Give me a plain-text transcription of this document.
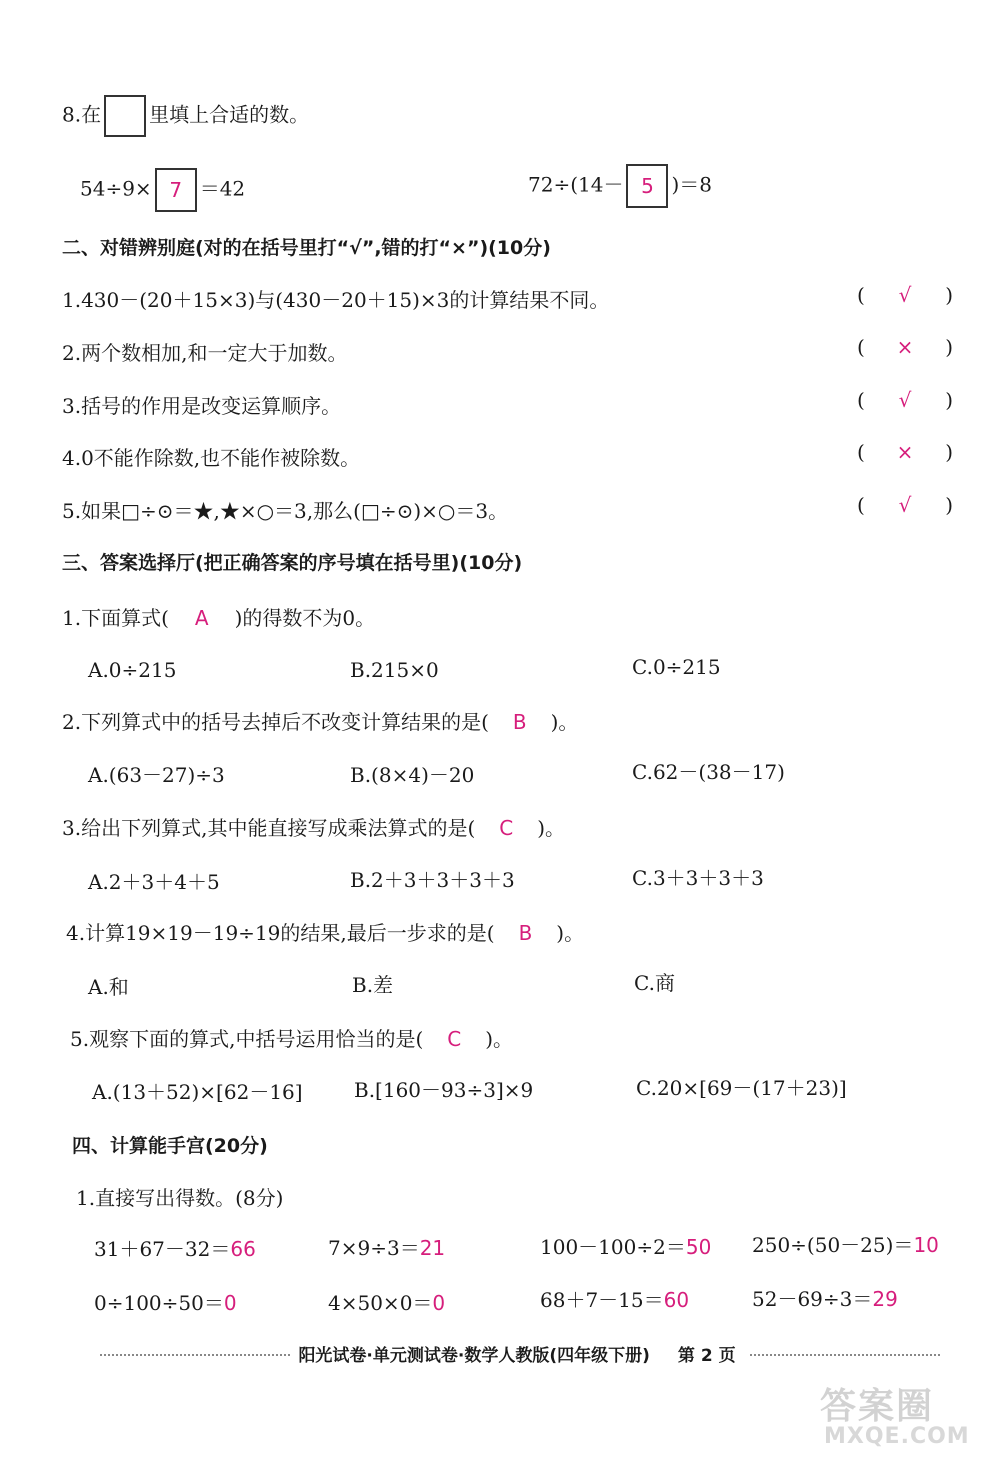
8.在 里填上合适的数。
54÷9× 7 ＝42	72÷(14－ 5 )＝8
二、对错辨别庭(对的在括号里打“√”,错的打“×”)(10分)
1.430－(20＋15×3)与(430－20＋15)×3的计算结果不同。	(	√	)
2.两个数相加,和一定大于加数。	(	×	)
3.括号的作用是改变运算顺序。	(	√	)
4.0不能作除数,也不能作被除数。	(	×	)
5.如果□÷⊙＝★,★×○＝3,那么(□÷⊙)×○＝3。	(	√	)
三、答案选择厅(把正确答案的序号填在括号里)(10分)
1.下面算式( A )的得数不为0。
A.0÷215	B.215×0	C.0÷215
2.下列算式中的括号去掉后不改变计算结果的是( B )。
A.(63－27)÷3	B.(8×4)－20	C.62－(38－17)
3.给出下列算式,其中能直接写成乘法算式的是( C )。
A.2＋3＋4＋5	B.2＋3＋3＋3＋3	C.3＋3＋3＋3
4.计算19×19－19÷19的结果,最后一步求的是( B )。
A.和	B.差	C.商
5.观察下面的算式,中括号运用恰当的是( C )。
A.(13＋52)×[62－16]	B.[160－93÷3]×9	C.20×[69－(17＋23)]
四、计算能手宫(20分)
1.直接写出得数。(8分)
31＋67－32＝66	7×9÷3＝21	100－100÷2＝50 250÷(50－25)＝10
0÷100÷50＝0	4×50×0＝0	68＋7－15＝60	52－69÷3＝29
阳光试卷·单元测试卷·数学人教版(四年级下册)	第 2 页
答案圈
MXQE.COM
